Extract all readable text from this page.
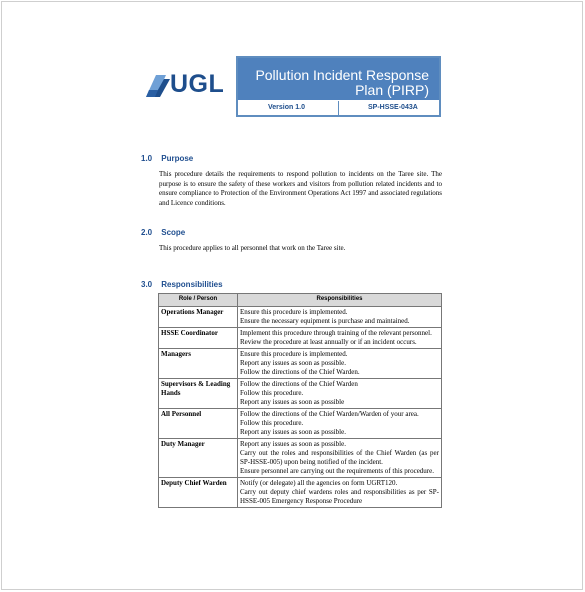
UGL	Pollution Incident Response Plan (PIRP)
Version 1.0	SP-HSSE-043A
1.0 Purpose
This procedure details the requirements to respond pollution to incidents on the Taree site. The purpose is to ensure the safety of these workers and visitors from pollution related incidents and to ensure compliance to Protection of the Environment Operations Act 1997 and associated regulations and Licence conditions.
2.0 Scope
This procedure applies to all personnel that work on the Taree site.
3.0 Responsibilities
Role / Person	Responsibilities
Operations Manager	Ensure this procedure is implemented.
Ensure the necessary equipment is purchase and maintained.

HSSE Coordinator	Implement this procedure through training of the relevant personnel.
Review the procedure at least annually or if an incident occurs.

Managers	Ensure this procedure is implemented.
Report any issues as soon as possible.
Follow the directions of the Chief Warden.

Supervisors & Leading Hands	Follow the directions of the Chief Warden
Follow this procedure.
Report any issues as soon as possible

All Personnel	Follow the directions of the Chief Warden/Warden of your area.
Follow this procedure.
Report any issues as soon as possible.

Duty Manager	Report any issues as soon as possible.
Carry out the roles and responsibilities of the Chief Warden (as per SP-HSSE-005) upon being notified of the incident.
Ensure personnel are carrying out the requirements of this procedure.

Deputy Chief Warden	Notify (or delegate) all the agencies on form UGRT120.
Carry out deputy chief wardens roles and responsibilities as per SP-HSSE-005 Emergency Response Procedure
